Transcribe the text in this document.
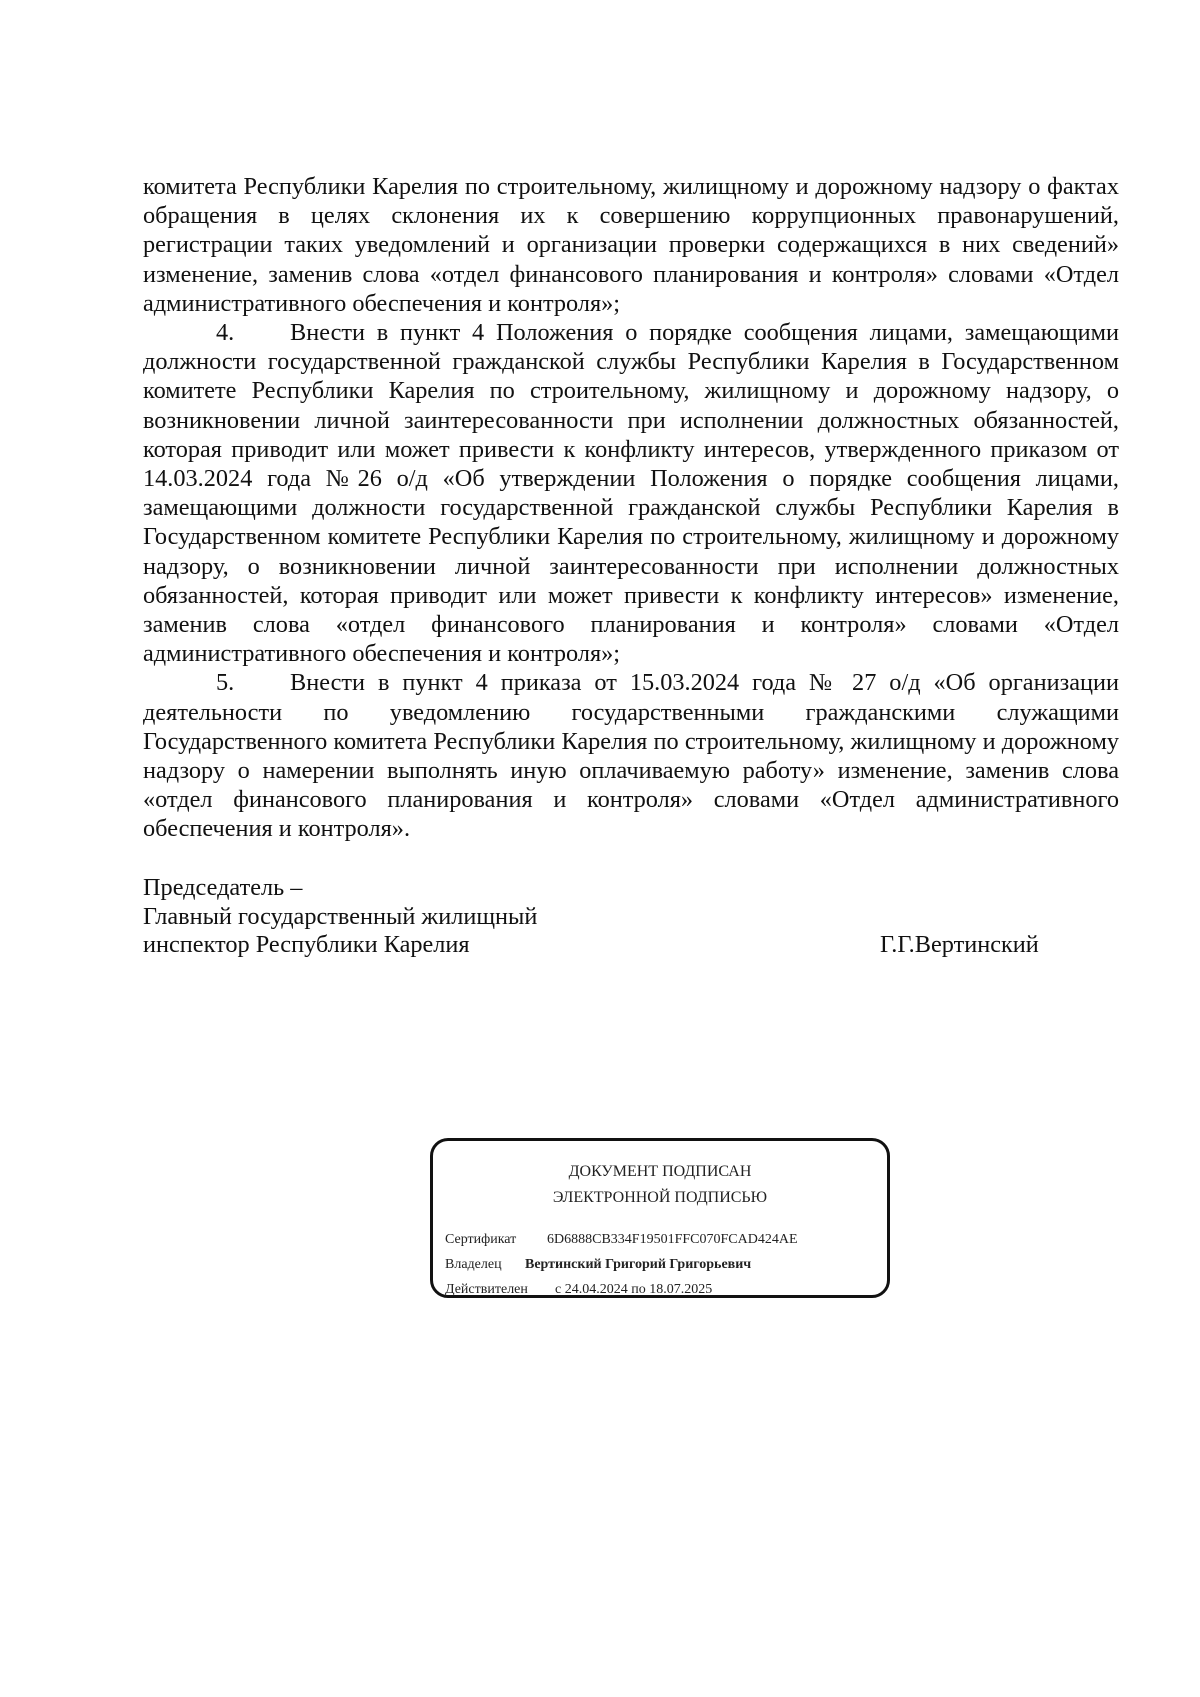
комитета Республики Карелия по строительному, жилищному и дорожному надзору о фактах обращения в целях склонения их к совершению коррупционных правонарушений, регистрации таких уведомлений и организации проверки содержащихся в них сведений» изменение, заменив слова «отдел финансового планирования и контроля» словами «Отдел административного обеспечения и контроля»;

4. Внести в пункт 4 Положения о порядке сообщения лицами, замещающими должности государственной гражданской службы Республики Карелия в Государственном комитете Республики Карелия по строительному, жилищному и дорожному надзору, о возникновении личной заинтересованности при исполнении должностных обязанностей, которая приводит или может привести к конфликту интересов, утвержденного приказом от 14.03.2024 года №26 о/д «Об утверждении Положения о порядке сообщения лицами, замещающими должности государственной гражданской службы Республики Карелия в Государственном комитете Республики Карелия по строительному, жилищному и дорожному надзору, о возникновении личной заинтересованности при исполнении должностных обязанностей, которая приводит или может привести к конфликту интересов» изменение, заменив слова «отдел финансового планирования и контроля» словами «Отдел административного обеспечения и контроля»;

5. Внести в пункт 4 приказа от 15.03.2024 года № 27 о/д «Об организации деятельности по уведомлению государственными гражданскими служащими Государственного комитета Республики Карелия по строительному, жилищному и дорожному надзору о намерении выполнять иную оплачиваемую работу» изменение, заменив слова «отдел финансового планирования и контроля» словами «Отдел административного обеспечения и контроля».

Председатель –
Главный государственный жилищный
инспектор Республики Карелия	Г.Г.Вертинский
ДОКУМЕНТ ПОДПИСАН
ЭЛЕКТРОННОЙ ПОДПИСЬЮ
Сертификат 6D6888CB334F19501FFC070FCAD424AE
Владелец Вертинский Григорий Григорьевич
Действителен с 24.04.2024 по 18.07.2025
